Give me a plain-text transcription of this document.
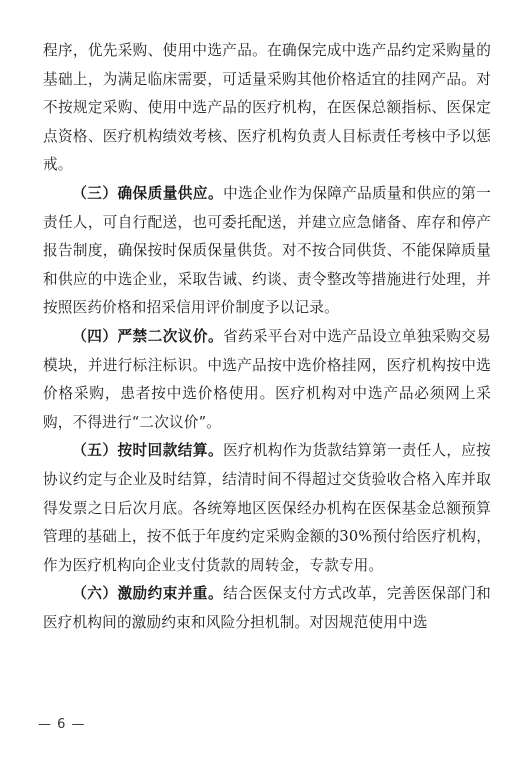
程序，优先采购、使用中选产品。在确保完成中选产品约定采购量的基础上，为满足临床需要，可适量采购其他价格适宜的挂网产品。对不按规定采购、使用中选产品的医疗机构，在医保总额指标、医保定点资格、医疗机构绩效考核、医疗机构负责人目标责任考核中予以惩戒。

（三）确保质量供应。中选企业作为保障产品质量和供应的第一责任人，可自行配送，也可委托配送，并建立应急储备、库存和停产报告制度，确保按时保质保量供货。对不按合同供货、不能保障质量和供应的中选企业，采取告诫、约谈、责令整改等措施进行处理，并按照医药价格和招采信用评价制度予以记录。

（四）严禁二次议价。省药采平台对中选产品设立单独采购交易模块，并进行标注标识。中选产品按中选价格挂网，医疗机构按中选价格采购，患者按中选价格使用。医疗机构对中选产品必须网上采购，不得进行“二次议价”。

（五）按时回款结算。医疗机构作为货款结算第一责任人，应按协议约定与企业及时结算，结清时间不得超过交货验收合格入库并取得发票之日后次月底。各统筹地区医保经办机构在医保基金总额预算管理的基础上，按不低于年度约定采购金额的30%预付给医疗机构，作为医疗机构向企业支付货款的周转金，专款专用。

（六）激励约束并重。结合医保支付方式改革，完善医保部门和医疗机构间的激励约束和风险分担机制。对因规范使用中选

— 6 —
